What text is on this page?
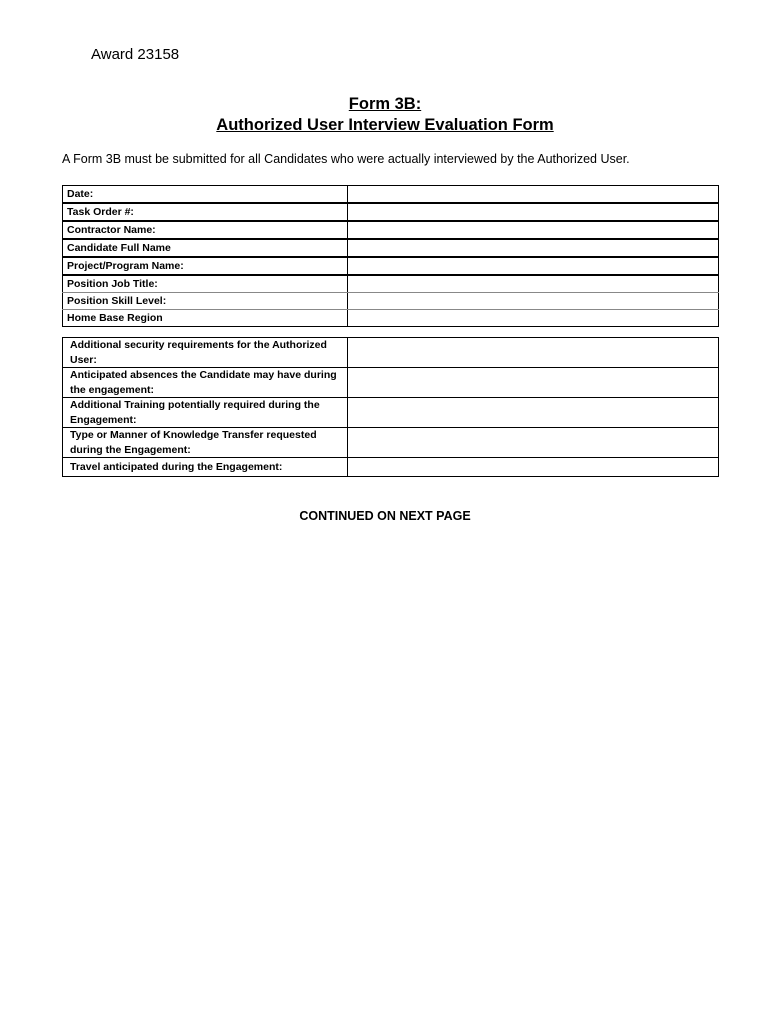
Award 23158
Form 3B:
Authorized User Interview Evaluation Form
A Form 3B must be submitted for all Candidates who were actually interviewed by the Authorized User.
Date:	
Task Order #:	
Contractor Name:	
Candidate Full Name	
Project/Program Name:	
Position Job Title:	
Position Skill Level:	
Home Base Region	
Additional security requirements for the Authorized User:	
Anticipated absences the Candidate may have during the engagement:	
Additional Training potentially required during the Engagement:	
Type or Manner of Knowledge Transfer requested during the Engagement:	
Travel anticipated during the Engagement:	
CONTINUED ON NEXT PAGE
